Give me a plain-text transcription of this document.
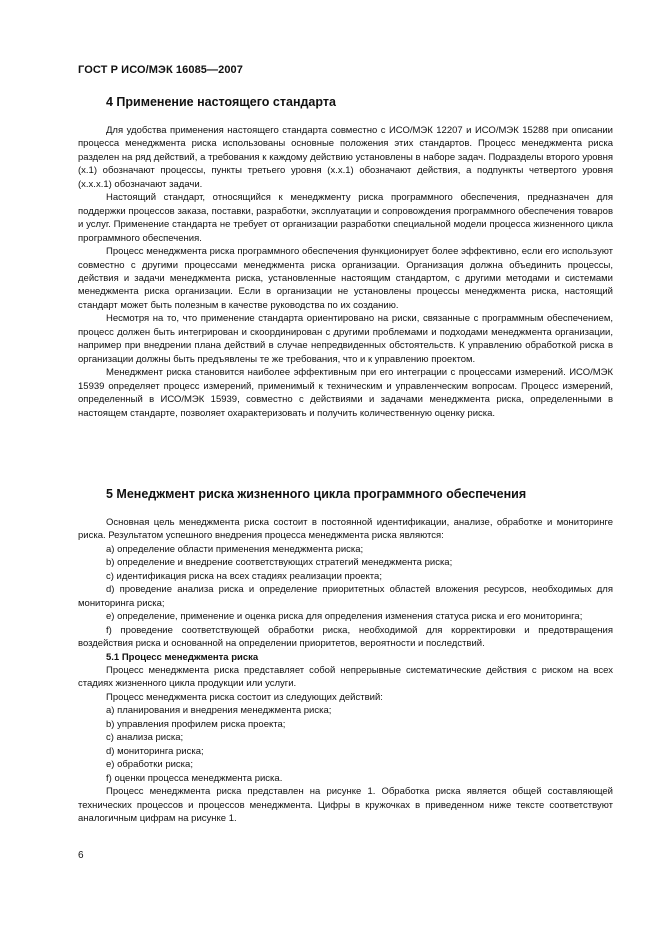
ГОСТ Р ИСО/МЭК 16085—2007
4 Применение настоящего стандарта

Для удобства применения настоящего стандарта совместно с ИСО/МЭК 12207 и ИСО/МЭК 15288 при описании процесса менеджмента риска использованы основные положения этих стандартов. Процесс менеджмента риска разделен на ряд действий, а требования к каждому действию установлены в наборе задач. Подразделы второго уровня (х.1) обозначают процессы, пункты третьего уровня (х.х.1) обозначают действия, а подпункты четвертого уровня (х.х.х.1) обозначают задачи.

Настоящий стандарт, относящийся к менеджменту риска программного обеспечения, предназначен для поддержки процессов заказа, поставки, разработки, эксплуатации и сопровождения программного обеспечения товаров и услуг. Применение стандарта не требует от организации разработки специальной модели процесса жизненного цикла программного обеспечения.

Процесс менеджмента риска программного обеспечения функционирует более эффективно, если его используют совместно с другими процессами менеджмента риска организации. Организация должна объединить процессы, действия и задачи менеджмента риска, установленные настоящим стандартом, с другими методами и системами менеджмента риска организации. Если в организации не установлены процессы менеджмента риска, настоящий стандарт может быть полезным в качестве руководства по их созданию.

Несмотря на то, что применение стандарта ориентировано на риски, связанные с программным обеспечением, процесс должен быть интегрирован и скоординирован с другими проблемами и подходами менеджмента организации, например при внедрении плана действий в случае непредвиденных обстоятельств. К управлению обработкой риска в организации должны быть предъявлены те же требования, что и к управлению проектом.

Менеджмент риска становится наиболее эффективным при его интеграции с процессами измерений. ИСО/МЭК 15939 определяет процесс измерений, применимый к техническим и управленческим вопросам. Процесс измерений, определенный в ИСО/МЭК 15939, совместно с действиями и задачами менеджмента риска, определенными в настоящем стандарте, позволяет охарактеризовать и получить количественную оценку риска.

5 Менеджмент риска жизненного цикла программного обеспечения

Основная цель менеджмента риска состоит в постоянной идентификации, анализе, обработке и мониторинге риска. Результатом успешного внедрения процесса менеджмента риска являются:

a) определение области применения менеджмента риска;

b) определение и внедрение соответствующих стратегий менеджмента риска;

c) идентификация риска на всех стадиях реализации проекта;

d) проведение анализа риска и определение приоритетных областей вложения ресурсов, необходимых для мониторинга риска;

e) определение, применение и оценка риска для определения изменения статуса риска и его мониторинга;

f) проведение соответствующей обработки риска, необходимой для корректировки и предотвращения воздействия риска и основанной на определении приоритетов, вероятности и последствий.

5.1 Процесс менеджмента риска

Процесс менеджмента риска представляет собой непрерывные систематические действия с риском на всех стадиях жизненного цикла продукции или услуги.

Процесс менеджмента риска состоит из следующих действий:

a) планирования и внедрения менеджмента риска;

b) управления профилем риска проекта;

c) анализа риска;

d) мониторинга риска;

e) обработки риска;

f) оценки процесса менеджмента риска.

Процесс менеджмента риска представлен на рисунке 1. Обработка риска является общей составляющей технических процессов и процессов менеджмента. Цифры в кружочках в приведенном ниже тексте соответствуют аналогичным цифрам на рисунке 1.

6
